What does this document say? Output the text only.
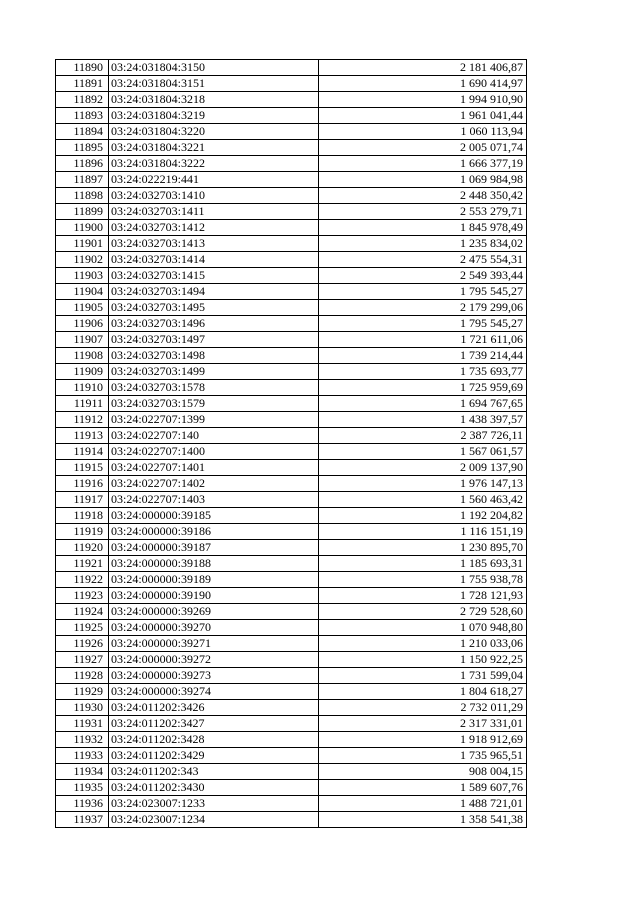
11890	03:24:031804:3150	2 181 406,87
11891	03:24:031804:3151	1 690 414,97
11892	03:24:031804:3218	1 994 910,90
11893	03:24:031804:3219	1 961 041,44
11894	03:24:031804:3220	1 060 113,94
11895	03:24:031804:3221	2 005 071,74
11896	03:24:031804:3222	1 666 377,19
11897	03:24:022219:441	1 069 984,98
11898	03:24:032703:1410	2 448 350,42
11899	03:24:032703:1411	2 553 279,71
11900	03:24:032703:1412	1 845 978,49
11901	03:24:032703:1413	1 235 834,02
11902	03:24:032703:1414	2 475 554,31
11903	03:24:032703:1415	2 549 393,44
11904	03:24:032703:1494	1 795 545,27
11905	03:24:032703:1495	2 179 299,06
11906	03:24:032703:1496	1 795 545,27
11907	03:24:032703:1497	1 721 611,06
11908	03:24:032703:1498	1 739 214,44
11909	03:24:032703:1499	1 735 693,77
11910	03:24:032703:1578	1 725 959,69
11911	03:24:032703:1579	1 694 767,65
11912	03:24:022707:1399	1 438 397,57
11913	03:24:022707:140	2 387 726,11
11914	03:24:022707:1400	1 567 061,57
11915	03:24:022707:1401	2 009 137,90
11916	03:24:022707:1402	1 976 147,13
11917	03:24:022707:1403	1 560 463,42
11918	03:24:000000:39185	1 192 204,82
11919	03:24:000000:39186	1 116 151,19
11920	03:24:000000:39187	1 230 895,70
11921	03:24:000000:39188	1 185 693,31
11922	03:24:000000:39189	1 755 938,78
11923	03:24:000000:39190	1 728 121,93
11924	03:24:000000:39269	2 729 528,60
11925	03:24:000000:39270	1 070 948,80
11926	03:24:000000:39271	1 210 033,06
11927	03:24:000000:39272	1 150 922,25
11928	03:24:000000:39273	1 731 599,04
11929	03:24:000000:39274	1 804 618,27
11930	03:24:011202:3426	2 732 011,29
11931	03:24:011202:3427	2 317 331,01
11932	03:24:011202:3428	1 918 912,69
11933	03:24:011202:3429	1 735 965,51
11934	03:24:011202:343	908 004,15
11935	03:24:011202:3430	1 589 607,76
11936	03:24:023007:1233	1 488 721,01
11937	03:24:023007:1234	1 358 541,38
